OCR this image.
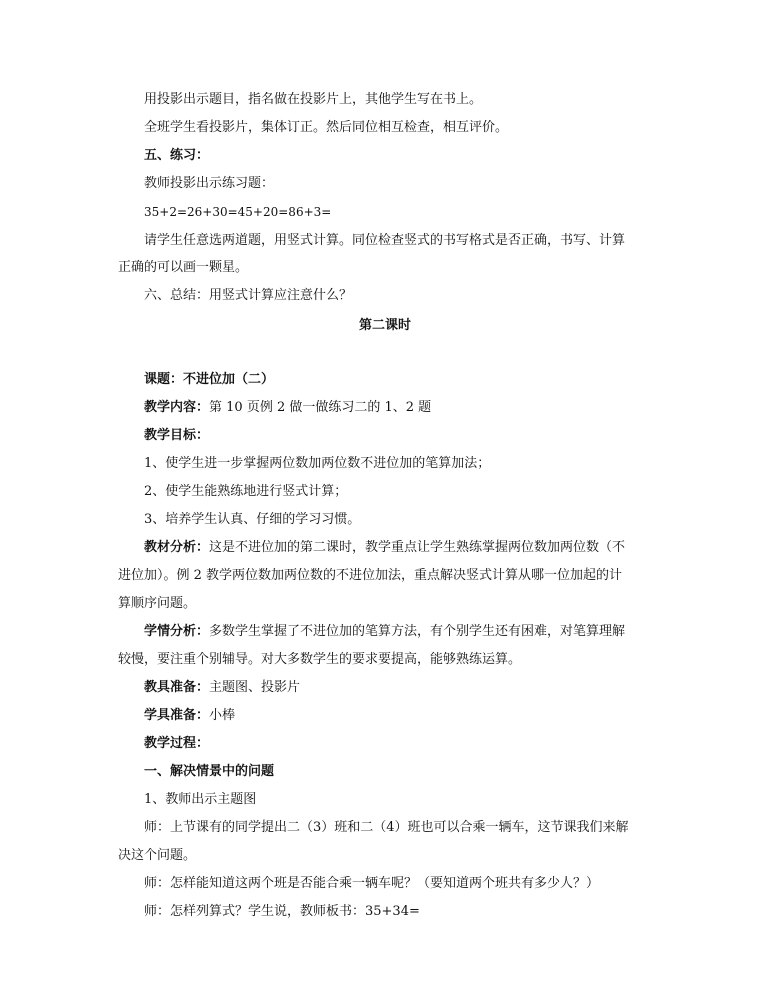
用投影出示题目，指名做在投影片上，其他学生写在书上。
全班学生看投影片，集体订正。然后同位相互检查，相互评价。
五、练习：
教师投影出示练习题：
35+2=26+30=45+20=86+3=
请学生任意选两道题，用竖式计算。同位检查竖式的书写格式是否正确，书写、计算
正确的可以画一颗星。
六、总结：用竖式计算应注意什么？
第二课时
课题：不进位加（二）
教学内容：第 10 页例 2 做一做练习二的 1、2 题
教学目标：
1、使学生进一步掌握两位数加两位数不进位加的笔算加法；
2、使学生能熟练地进行竖式计算；
3、培养学生认真、仔细的学习习惯。
教材分析：这是不进位加的第二课时，教学重点让学生熟练掌握两位数加两位数（不
进位加）。例 2 教学两位数加两位数的不进位加法，重点解决竖式计算从哪一位加起的计
算顺序问题。
学情分析：多数学生掌握了不进位加的笔算方法，有个别学生还有困难，对笔算理解
较慢，要注重个别辅导。对大多数学生的要求要提高，能够熟练运算。
教具准备：主题图、投影片
学具准备：小棒
教学过程：
一、解决情景中的问题
1、教师出示主题图
师：上节课有的同学提出二（3）班和二（4）班也可以合乘一辆车，这节课我们来解
决这个问题。
师：怎样能知道这两个班是否能合乘一辆车呢？（要知道两个班共有多少人？）
师：怎样列算式？学生说，教师板书：35+34=
